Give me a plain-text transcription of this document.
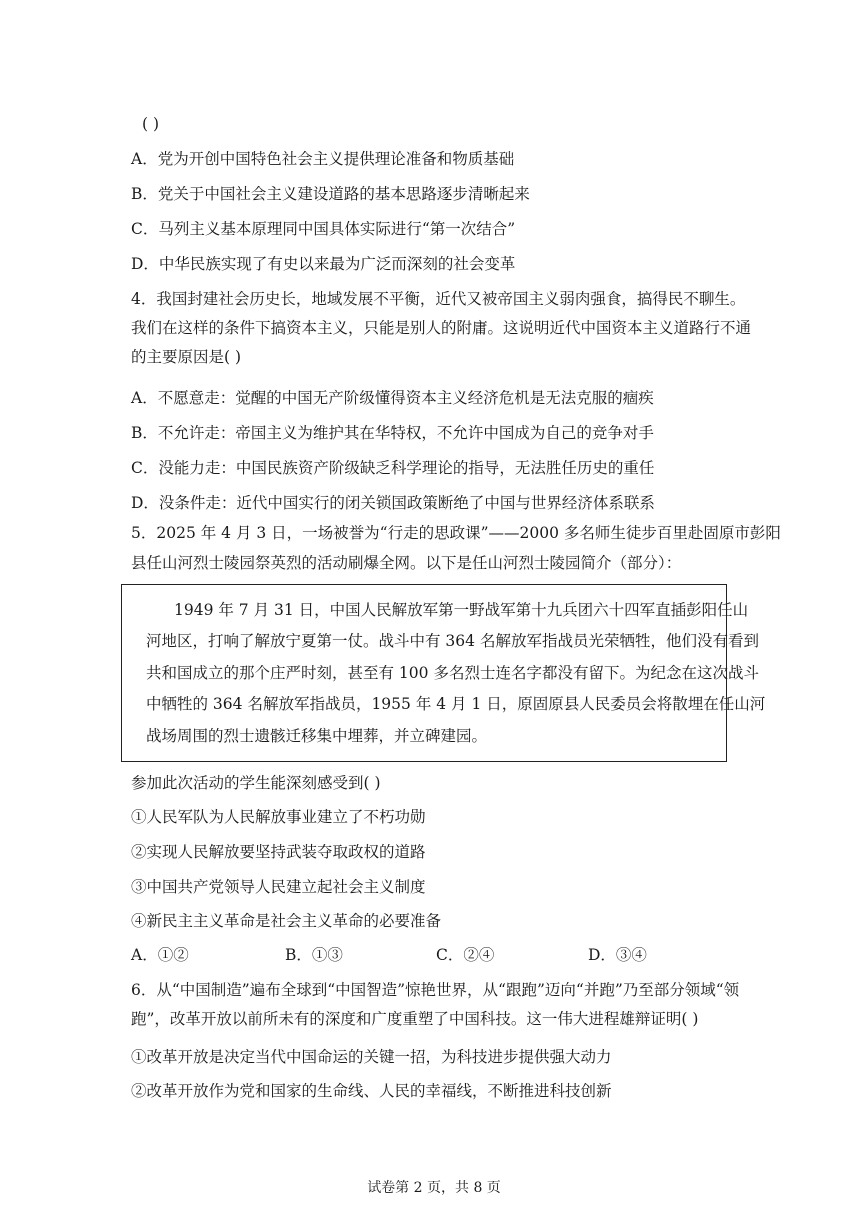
( )
A．党为开创中国特色社会主义提供理论准备和物质基础
B．党关于中国社会主义建设道路的基本思路逐步清晰起来
C．马列主义基本原理同中国具体实际进行“第一次结合”
D．中华民族实现了有史以来最为广泛而深刻的社会变革
4．我国封建社会历史长，地域发展不平衡，近代又被帝国主义弱肉强食，搞得民不聊生。
我们在这样的条件下搞资本主义，只能是别人的附庸。这说明近代中国资本主义道路行不通
的主要原因是( )
A．不愿意走：觉醒的中国无产阶级懂得资本主义经济危机是无法克服的痼疾
B．不允许走：帝国主义为维护其在华特权，不允许中国成为自己的竞争对手
C．没能力走：中国民族资产阶级缺乏科学理论的指导，无法胜任历史的重任
D．没条件走：近代中国实行的闭关锁国政策断绝了中国与世界经济体系联系
5．2025 年 4 月 3 日，一场被誉为“行走的思政课”——2000 多名师生徒步百里赴固原市彭阳
县任山河烈士陵园祭英烈的活动刷爆全网。以下是任山河烈士陵园简介（部分）：
1949 年 7 月 31 日，中国人民解放军第一野战军第十九兵团六十四军直插彭阳任山
河地区，打响了解放宁夏第一仗。战斗中有 364 名解放军指战员光荣牺牲，他们没有看到
共和国成立的那个庄严时刻，甚至有 100 多名烈士连名字都没有留下。为纪念在这次战斗
中牺牲的 364 名解放军指战员，1955 年 4 月 1 日，原固原县人民委员会将散埋在任山河
战场周围的烈士遗骸迁移集中埋葬，并立碑建园。
参加此次活动的学生能深刻感受到( )
①人民军队为人民解放事业建立了不朽功勋
②实现人民解放要坚持武装夺取政权的道路
③中国共产党领导人民建立起社会主义制度
④新民主主义革命是社会主义革命的必要准备
A．①②	B．①③	C．②④	D．③④
6．从“中国制造”遍布全球到“中国智造”惊艳世界，从“跟跑”迈向“并跑”乃至部分领域“领
跑”，改革开放以前所未有的深度和广度重塑了中国科技。这一伟大进程雄辩证明( )
①改革开放是决定当代中国命运的关键一招，为科技进步提供强大动力
②改革开放作为党和国家的生命线、人民的幸福线，不断推进科技创新
试卷第 2 页，共 8 页
